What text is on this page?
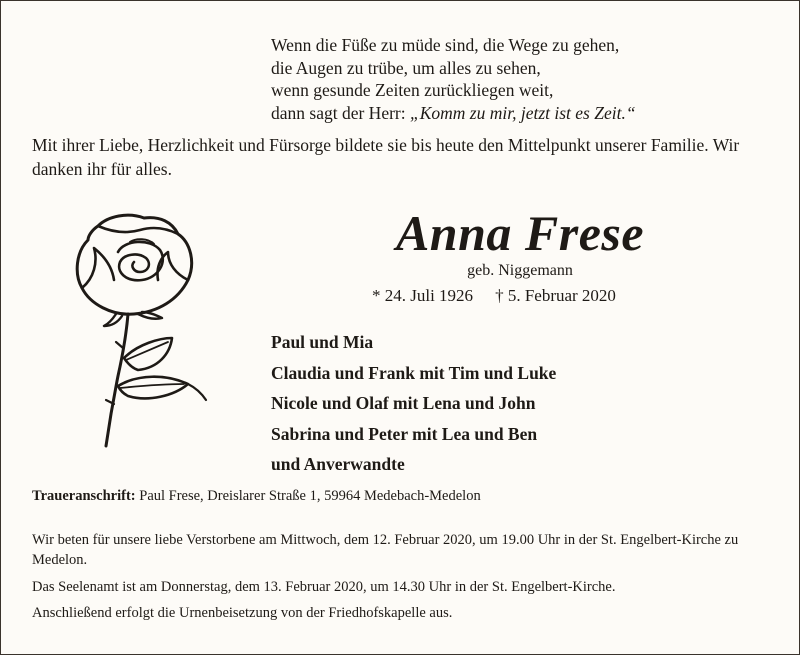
Wenn die Füße zu müde sind, die Wege zu gehen,
die Augen zu trübe, um alles zu sehen,
wenn gesunde Zeiten zurückliegen weit,
dann sagt der Herr: „Komm zu mir, jetzt ist es Zeit.“
Mit ihrer Liebe, Herzlichkeit und Fürsorge bildete sie bis heute den Mittelpunkt unserer Familie. Wir danken ihr für alles.
Anna Frese
geb. Niggemann
* 24. Juli 1926 † 5. Februar 2020
Paul und Mia
Claudia und Frank mit Tim und Luke
Nicole und Olaf mit Lena und John
Sabrina und Peter mit Lea und Ben
und Anverwandte
Traueranschrift: Paul Frese, Dreislarer Straße 1, 59964 Medebach-Medelon
Wir beten für unsere liebe Verstorbene am Mittwoch, dem 12. Februar 2020, um 19.00 Uhr in der St. Engelbert-Kirche zu Medelon.
Das Seelenamt ist am Donnerstag, dem 13. Februar 2020, um 14.30 Uhr in der St. Engelbert-Kirche.
Anschließend erfolgt die Urnenbeisetzung von der Friedhofskapelle aus.
